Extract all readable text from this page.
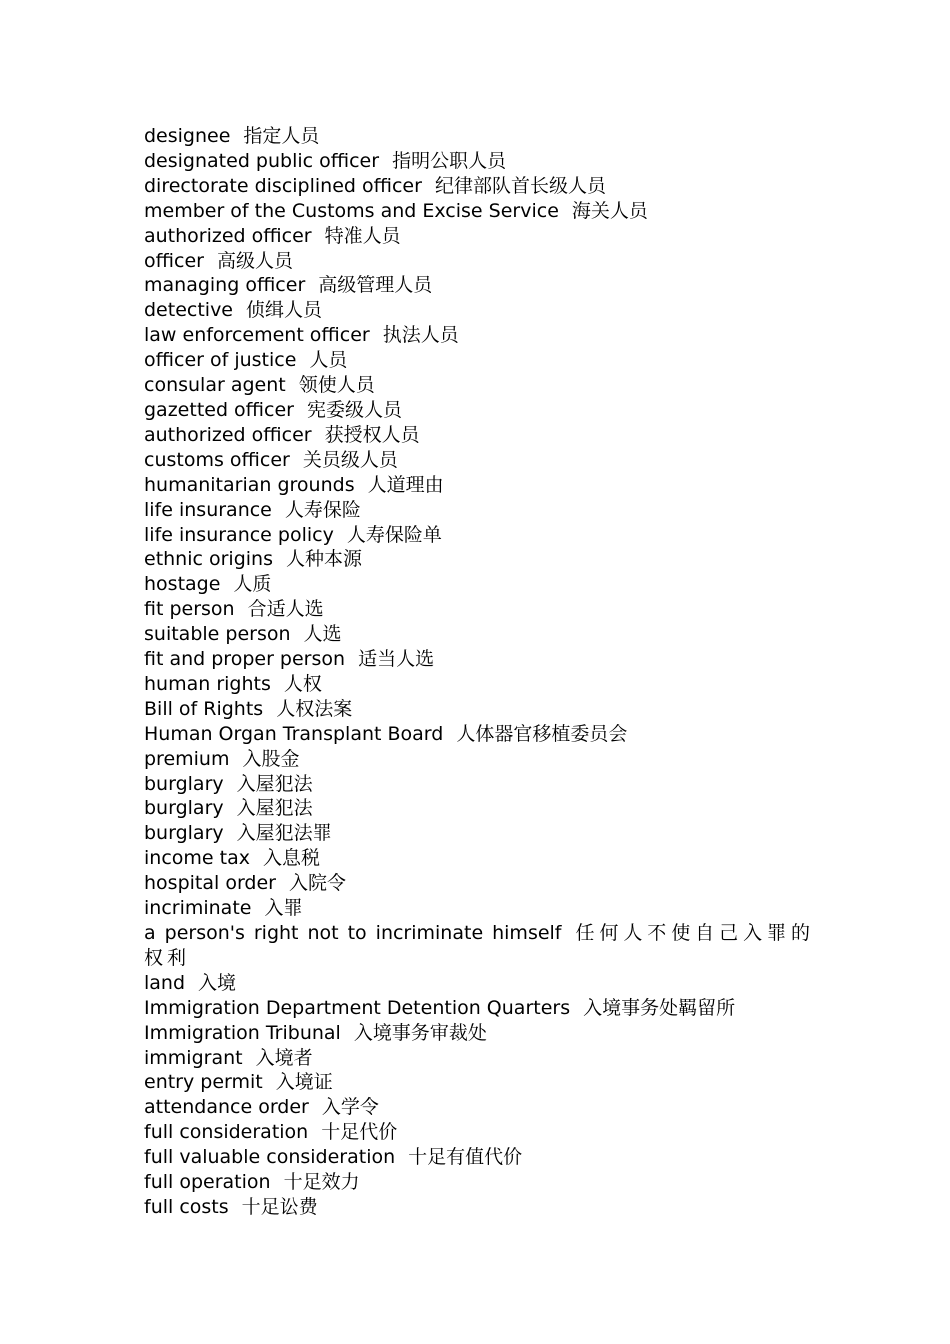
designee 指定人员
designated public officer 指明公职人员
directorate disciplined officer 纪律部队首长级人员
member of the Customs and Excise Service 海关人员
authorized officer 特准人员
officer 高级人员
managing officer 高级管理人员
detective 侦缉人员
law enforcement officer 执法人员
officer of justice 人员
consular agent 领使人员
gazetted officer 宪委级人员
authorized officer 获授权人员
customs officer 关员级人员
humanitarian grounds 人道理由
life insurance 人寿保险
life insurance policy 人寿保险单
ethnic origins 人种本源
hostage 人质
fit person 合适人选
suitable person 人选
fit and proper person 适当人选
human rights 人权
Bill of Rights 人权法案
Human Organ Transplant Board 人体器官移植委员会
premium 入股金
burglary 入屋犯法
burglary 入屋犯法
burglary 入屋犯法罪
income tax 入息税
hospital order 入院令
incriminate 入罪
a person's right not to incriminate himself 任何人不使自己入罪的权利
land 入境
Immigration Department Detention Quarters 入境事务处羁留所
Immigration Tribunal 入境事务审裁处
immigrant 入境者
entry permit 入境证
attendance order 入学令
full consideration 十足代价
full valuable consideration 十足有值代价
full operation 十足效力
full costs 十足讼费
